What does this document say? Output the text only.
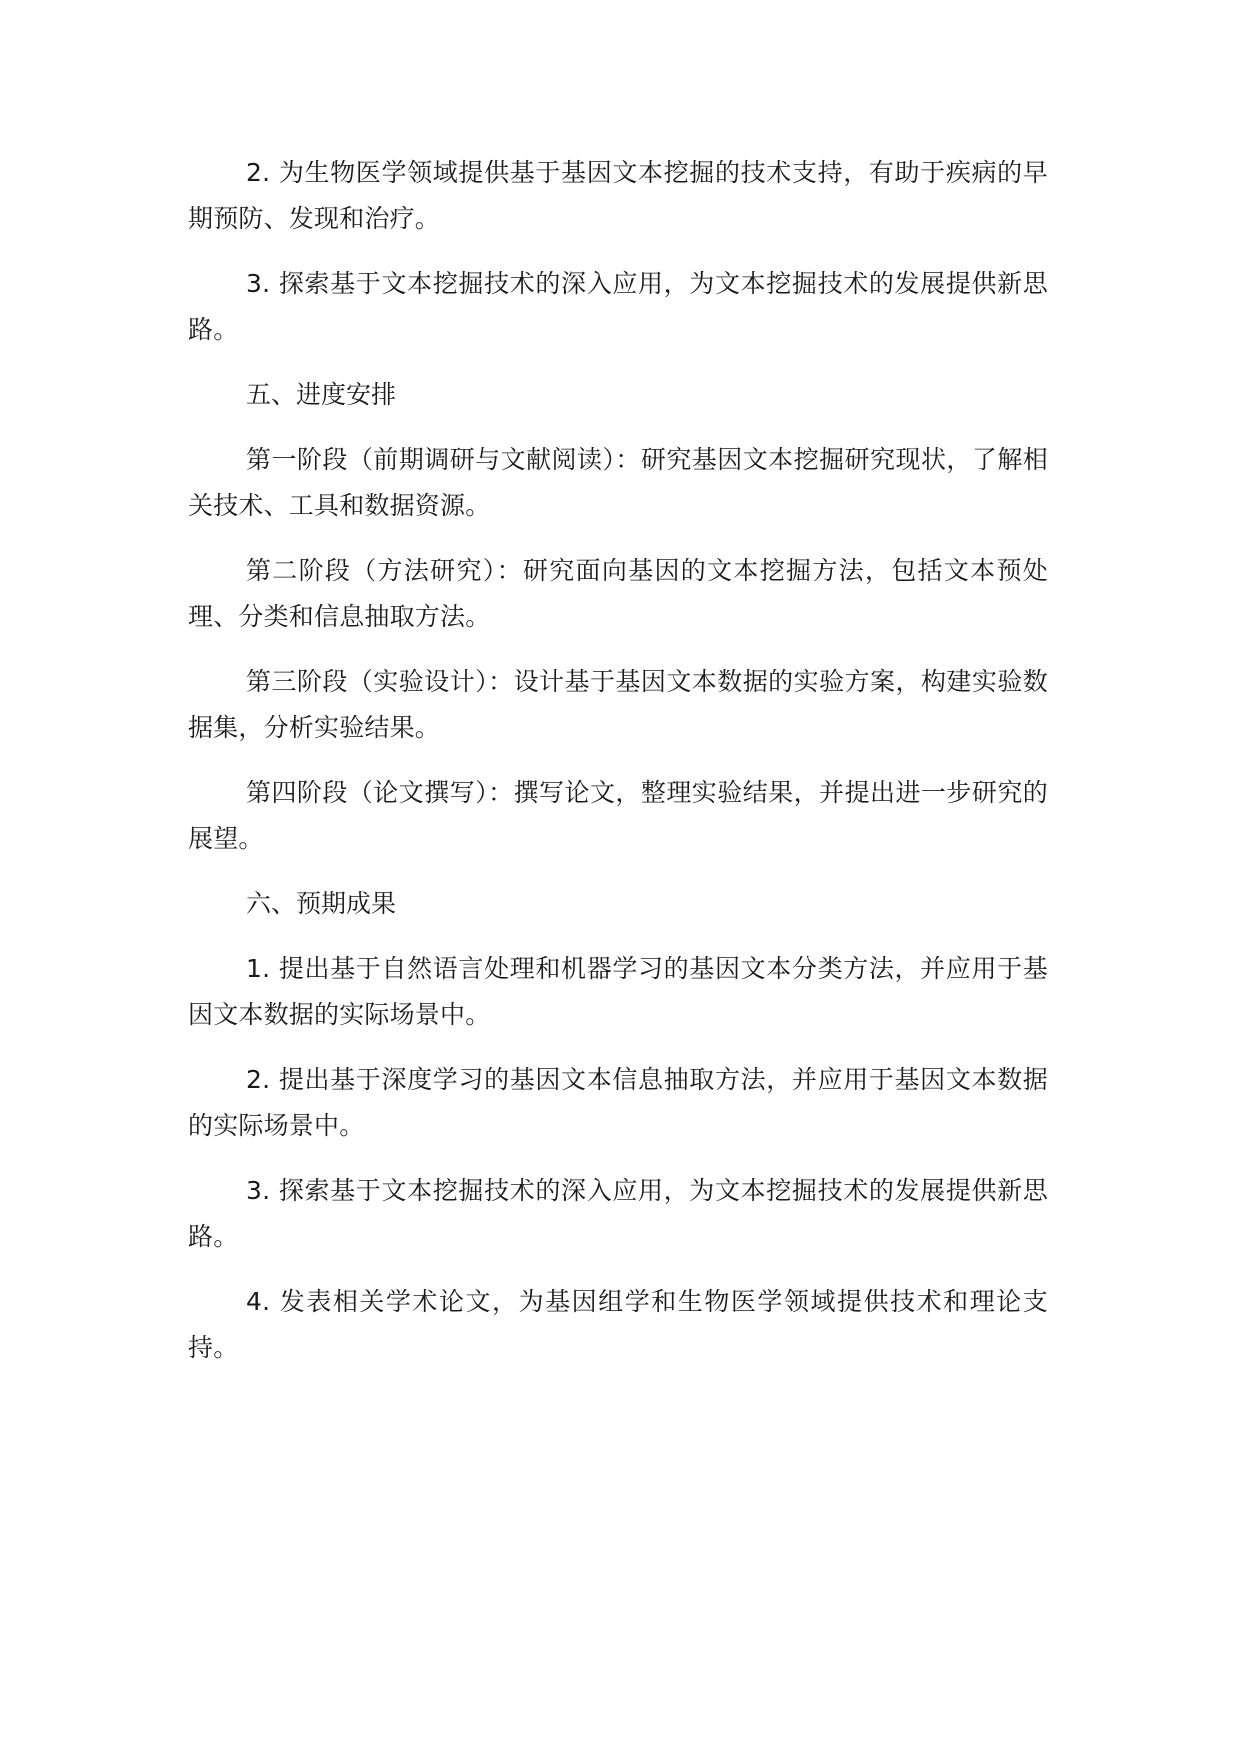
2. 为生物医学领域提供基于基因文本挖掘的技术支持，有助于疾病的早期预防、发现和治疗。

3. 探索基于文本挖掘技术的深入应用，为文本挖掘技术的发展提供新思路。

五、进度安排

第一阶段（前期调研与文献阅读）：研究基因文本挖掘研究现状，了解相关技术、工具和数据资源。

第二阶段（方法研究）：研究面向基因的文本挖掘方法，包括文本预处理、分类和信息抽取方法。

第三阶段（实验设计）：设计基于基因文本数据的实验方案，构建实验数据集，分析实验结果。

第四阶段（论文撰写）：撰写论文，整理实验结果，并提出进一步研究的展望。

六、预期成果

1. 提出基于自然语言处理和机器学习的基因文本分类方法，并应用于基因文本数据的实际场景中。

2. 提出基于深度学习的基因文本信息抽取方法，并应用于基因文本数据的实际场景中。

3. 探索基于文本挖掘技术的深入应用，为文本挖掘技术的发展提供新思路。

4. 发表相关学术论文，为基因组学和生物医学领域提供技术和理论支持。
